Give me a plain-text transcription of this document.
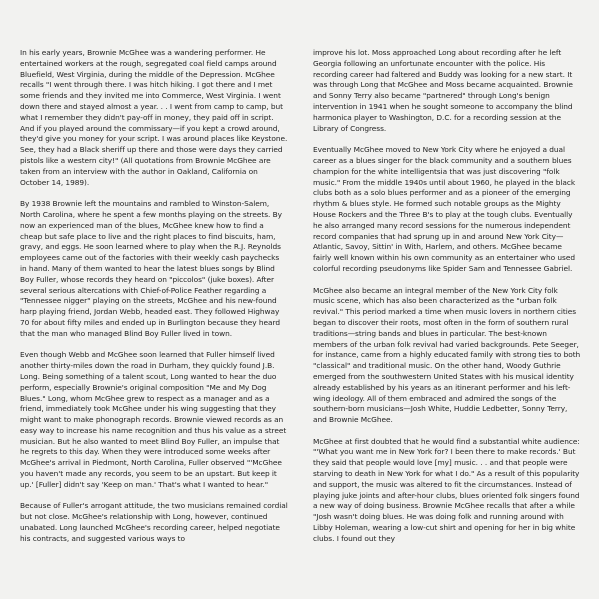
In his early years, Brownie McGhee was a wandering performer. He entertained workers at the rough, segregated coal field camps around Bluefield, West Virginia, during the middle of the Depression. McGhee recalls "I went through there. I was hitch hiking. I got there and I met some friends and they invited me into Commerce, West Virginia. I went down there and stayed almost a year. . . I went from camp to camp, but what I remember they didn't pay-off in money, they paid off in script. And if you played around the commissary—if you kept a crowd around, they'd give you money for your script. I was around places like Keystone. See, they had a Black sheriff up there and those were days they carried pistols like a western city!" (All quotations from Brownie McGhee are taken from an interview with the author in Oakland, California on October 14, 1989).

By 1938 Brownie left the mountains and rambled to Winston-Salem, North Carolina, where he spent a few months playing on the streets. By now an experienced man of the blues, McGhee knew how to find a cheap but safe place to live and the right places to find biscuits, ham, gravy, and eggs. He soon learned where to play when the R.J. Reynolds employees came out of the factories with their weekly cash paychecks in hand. Many of them wanted to hear the latest blues songs by Blind Boy Fuller, whose records they heard on "piccolos" (juke boxes). After several serious altercations with Chief-of-Police Feather regarding a "Tennessee nigger" playing on the streets, McGhee and his new-found harp playing friend, Jordan Webb, headed east. They followed Highway 70 for about fifty miles and ended up in Burlington because they heard that the man who managed Blind Boy Fuller lived in town.

Even though Webb and McGhee soon learned that Fuller himself lived another thirty-miles down the road in Durham, they quickly found J.B. Long. Being something of a talent scout, Long wanted to hear the duo perform, especially Brownie's original composition "Me and My Dog Blues." Long, whom McGhee grew to respect as a manager and as a friend, immediately took McGhee under his wing suggesting that they might want to make phonograph records. Brownie viewed records as an easy way to increase his name recognition and thus his value as a street musician. But he also wanted to meet Blind Boy Fuller, an impulse that he regrets to this day. When they were introduced some weeks after McGhee's arrival in Piedmont, North Carolina, Fuller observed "'McGhee you haven't made any records, you seem to be an upstart. But keep it up.' [Fuller] didn't say 'Keep on man.' That's what I wanted to hear."

Because of Fuller's arrogant attitude, the two musicians remained cordial but not close. McGhee's relationship with Long, however, continued unabated. Long launched McGhee's recording career, helped negotiate his contracts, and suggested various ways to

improve his lot. Moss approached Long about recording after he left Georgia following an unfortunate encounter with the police. His recording career had faltered and Buddy was looking for a new start. It was through Long that McGhee and Moss became acquainted. Brownie and Sonny Terry also became "partnered" through Long's benign intervention in 1941 when he sought someone to accompany the blind harmonica player to Washington, D.C. for a recording session at the Library of Congress.

Eventually McGhee moved to New York City where he enjoyed a dual career as a blues singer for the black community and a southern blues champion for the white intelligentsia that was just discovering "folk music." From the middle 1940s until about 1960, he played in the black clubs both as a solo blues performer and as a pioneer of the emerging rhythm & blues style. He formed such notable groups as the Mighty House Rockers and the Three B's to play at the tough clubs. Eventually he also arranged many record sessions for the numerous independent record companies that had sprung up in and around New York City—Atlantic, Savoy, Sittin' in With, Harlem, and others. McGhee became fairly well known within his own community as an entertainer who used colorful recording pseudonyms like Spider Sam and Tennessee Gabriel.

McGhee also became an integral member of the New York City folk music scene, which has also been characterized as the "urban folk revival." This period marked a time when music lovers in northern cities began to discover their roots, most often in the form of southern rural traditions—string bands and blues in particular. The best-known members of the urban folk revival had varied backgrounds. Pete Seeger, for instance, came from a highly educated family with strong ties to both "classical" and traditional music. On the other hand, Woody Guthrie emerged from the southwestern United States with his musical identity already established by his years as an itinerant performer and his left-wing ideology. All of them embraced and admired the songs of the southern-born musicians—Josh White, Huddie Ledbetter, Sonny Terry, and Brownie McGhee.

McGhee at first doubted that he would find a substantial white audience: "'What you want me in New York for? I been there to make records.' But they said that people would love [my] music. . . and that people were starving to death in New York for what I do." As a result of this popularity and support, the music was altered to fit the circumstances. Instead of playing juke joints and after-hour clubs, blues oriented folk singers found a new way of doing business. Brownie McGhee recalls that after a while "Josh wasn't doing blues. He was doing folk and running around with Libby Holeman, wearing a low-cut shirt and opening for her in big white clubs. I found out they
